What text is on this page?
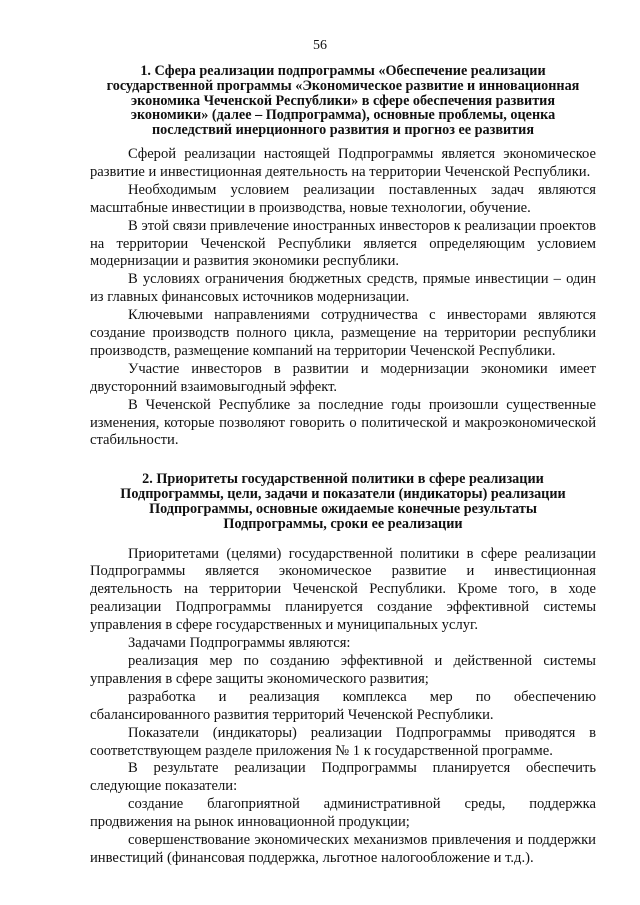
56
1. Сфера реализации подпрограммы «Обеспечение реализации
государственной программы «Экономическое развитие и инновационная
экономика Чеченской Республики» в сфере обеспечения развития
экономики» (далее – Подпрограмма), основные проблемы, оценка
последствий инерционного развития и прогноз ее развития

Сферой реализации настоящей Подпрограммы является экономическое развитие и инвестиционная деятельность на территории Чеченской Республики.

Необходимым условием реализации поставленных задач являются масштабные инвестиции в производства, новые технологии, обучение.

В этой связи привлечение иностранных инвесторов к реализации проектов на территории Чеченской Республики является определяющим условием модернизации и развития экономики республики.

В условиях ограничения бюджетных средств, прямые инвестиции – один из главных финансовых источников модернизации.

Ключевыми направлениями сотрудничества с инвесторами являются создание производств полного цикла, размещение на территории республики производств, размещение компаний на территории Чеченской Республики.

Участие инвесторов в развитии и модернизации экономики имеет двусторонний взаимовыгодный эффект.

В Чеченской Республике за последние годы произошли существенные изменения, которые позволяют говорить о политической и макроэкономической стабильности.

2. Приоритеты государственной политики в сфере реализации
Подпрограммы, цели, задачи и показатели (индикаторы) реализации
Подпрограммы, основные ожидаемые конечные результаты
Подпрограммы, сроки ее реализации

Приоритетами (целями) государственной политики в сфере реализации Подпрограммы является экономическое развитие и инвестиционная деятельность на территории Чеченской Республики. Кроме того, в ходе реализации Подпрограммы планируется создание эффективной системы управления в сфере государственных и муниципальных услуг.

Задачами Подпрограммы являются:

реализация мер по созданию эффективной и действенной системы управления в сфере защиты экономического развития;

разработка и реализация комплекса мер по обеспечению сбалансированного развития территорий Чеченской Республики.

Показатели (индикаторы) реализации Подпрограммы приводятся в соответствующем разделе приложения № 1 к государственной программе.

В результате реализации Подпрограммы планируется обеспечить следующие показатели:

создание благоприятной административной среды, поддержка продвижения на рынок инновационной продукции;

совершенствование экономических механизмов привлечения и поддержки инвестиций (финансовая поддержка, льготное налогообложение и т.д.).
